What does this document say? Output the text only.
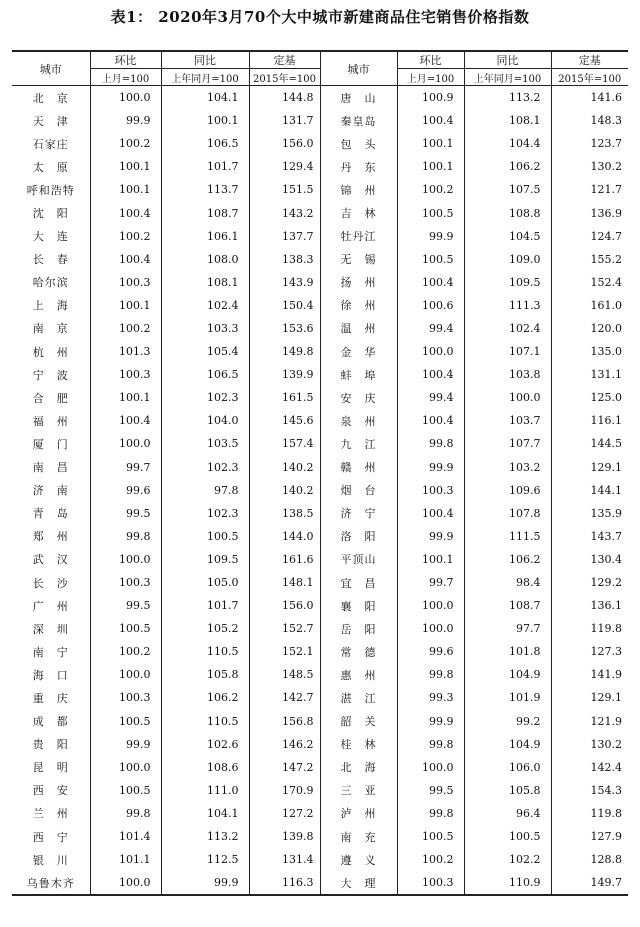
表1： 2020年3月70个大中城市新建商品住宅销售价格指数
城市	环比	同比	定基	城市	环比	同比	定基
	上月=100	上年同月=100	2015年=100		上月=100	上年同月=100	2015年=100
北　京	100.0	104.1	144.8	唐　山	100.9	113.2	141.6
天　津	99.9	100.1	131.7	秦皇岛	100.4	108.1	148.3
石家庄	100.2	106.5	156.0	包　头	100.1	104.4	123.7
太　原	100.1	101.7	129.4	丹　东	100.1	106.2	130.2
呼和浩特	100.1	113.7	151.5	锦　州	100.2	107.5	121.7
沈　阳	100.4	108.7	143.2	吉　林	100.5	108.8	136.9
大　连	100.2	106.1	137.7	牡丹江	99.9	104.5	124.7
长　春	100.4	108.0	138.3	无　锡	100.5	109.0	155.2
哈尔滨	100.3	108.1	143.9	扬　州	100.4	109.5	152.4
上　海	100.1	102.4	150.4	徐　州	100.6	111.3	161.0
南　京	100.2	103.3	153.6	温　州	99.4	102.4	120.0
杭　州	101.3	105.4	149.8	金　华	100.0	107.1	135.0
宁　波	100.3	106.5	139.9	蚌　埠	100.4	103.8	131.1
合　肥	100.1	102.3	161.5	安　庆	99.4	100.0	125.0
福　州	100.4	104.0	145.6	泉　州	100.4	103.7	116.1
厦　门	100.0	103.5	157.4	九　江	99.8	107.7	144.5
南　昌	99.7	102.3	140.2	赣　州	99.9	103.2	129.1
济　南	99.6	97.8	140.2	烟　台	100.3	109.6	144.1
青　岛	99.5	102.3	138.5	济　宁	100.4	107.8	135.9
郑　州	99.8	100.5	144.0	洛　阳	99.9	111.5	143.7
武　汉	100.0	109.5	161.6	平顶山	100.1	106.2	130.4
长　沙	100.3	105.0	148.1	宜　昌	99.7	98.4	129.2
广　州	99.5	101.7	156.0	襄　阳	100.0	108.7	136.1
深　圳	100.5	105.2	152.7	岳　阳	100.0	97.7	119.8
南　宁	100.2	110.5	152.1	常　德	99.6	101.8	127.3
海　口	100.0	105.8	148.5	惠　州	99.8	104.9	141.9
重　庆	100.3	106.2	142.7	湛　江	99.3	101.9	129.1
成　都	100.5	110.5	156.8	韶　关	99.9	99.2	121.9
贵　阳	99.9	102.6	146.2	桂　林	99.8	104.9	130.2
昆　明	100.0	108.6	147.2	北　海	100.0	106.0	142.4
西　安	100.5	111.0	170.9	三　亚	99.5	105.8	154.3
兰　州	99.8	104.1	127.2	泸　州	99.8	96.4	119.8
西　宁	101.4	113.2	139.8	南　充	100.5	100.5	127.9
银　川	101.1	112.5	131.4	遵　义	100.2	102.2	128.8
乌鲁木齐	100.0	99.9	116.3	大　理	100.3	110.9	149.7
